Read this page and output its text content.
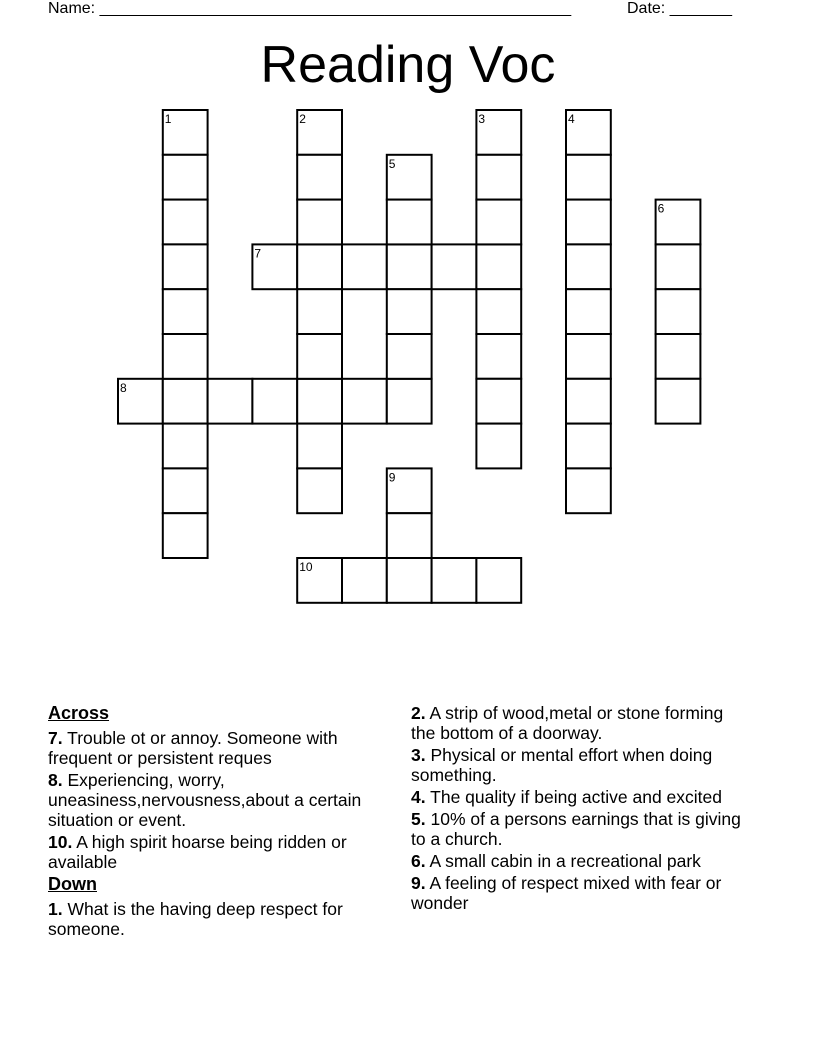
Name: _____________________________________________________	Date: _______
Reading Voc
7
8
10
1	2	3	4
5
6
9
Across
7. Trouble ot or annoy. Someone with frequent or persistent reques
8. Experiencing, worry, uneasiness,nervousness,about a certain situation or event.
10. A high spirit hoarse being ridden or available
Down
1. What is the having deep respect for someone.
2. A strip of wood,metal or stone forming the bottom of a doorway.
3. Physical or mental effort when doing something.
4. The quality if being active and excited
5. 10% of a persons earnings that is giving to a church.
6. A small cabin in a recreational park
9. A feeling of respect mixed with fear or wonder
